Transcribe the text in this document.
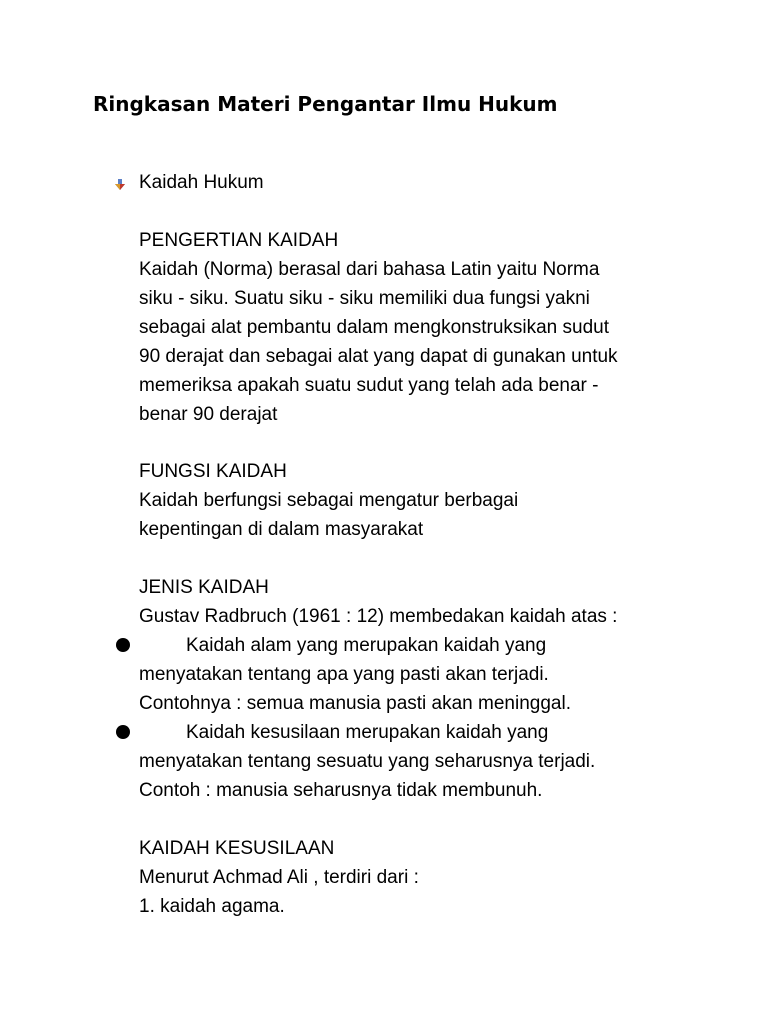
Ringkasan Materi Pengantar Ilmu Hukum
Kaidah Hukum
PENGERTIAN KAIDAH
Kaidah (Norma) berasal dari bahasa Latin yaitu Norma
siku - siku. Suatu siku - siku memiliki dua fungsi yakni
sebagai alat pembantu dalam mengkonstruksikan sudut
90 derajat dan sebagai alat yang dapat di gunakan untuk
memeriksa apakah suatu sudut yang telah ada benar -
benar 90 derajat
FUNGSI KAIDAH
Kaidah berfungsi sebagai mengatur berbagai
kepentingan di dalam masyarakat
JENIS KAIDAH
Gustav Radbruch (1961 : 12) membedakan kaidah atas :
Kaidah alam yang merupakan kaidah yang
menyatakan tentang apa yang pasti akan terjadi.
Contohnya : semua manusia pasti akan meninggal.
Kaidah kesusilaan merupakan kaidah yang
menyatakan tentang sesuatu yang seharusnya terjadi.
Contoh : manusia seharusnya tidak membunuh.
KAIDAH KESUSILAAN
Menurut Achmad Ali , terdiri dari :
1. kaidah agama.
